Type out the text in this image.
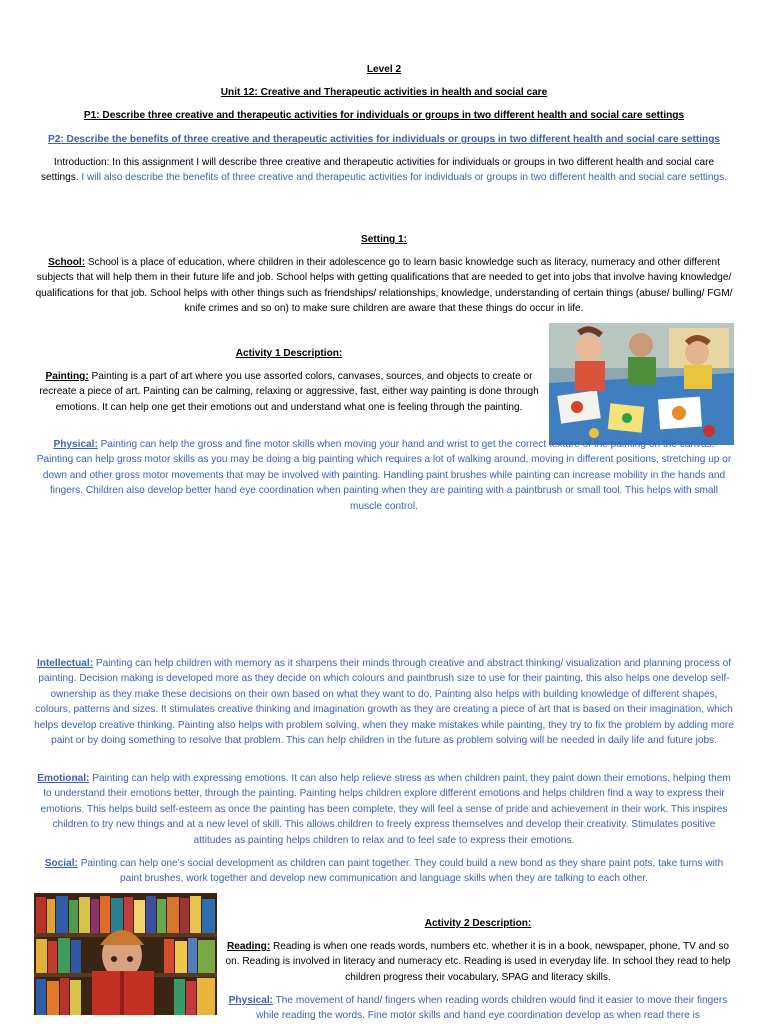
Level 2
Unit 12: Creative and Therapeutic activities in health and social care
P1: Describe three creative and therapeutic activities for individuals or groups in two different health and social care settings
P2: Describe the benefits of three creative and therapeutic activities for individuals or groups in two different health and social care settings
Introduction: In this assignment I will describe three creative and therapeutic activities for individuals or groups in two different health and social care settings. I will also describe the benefits of three creative and therapeutic activities for individuals or groups in two different health and social care settings.
Setting 1:
School: School is a place of education, where children in their adolescence go to learn basic knowledge such as literacy, numeracy and other different subjects that will help them in their future life and job. School helps with getting qualifications that are needed to get into jobs that involve having knowledge/ qualifications for that job. School helps with other things such as friendships/ relationships, knowledge, understanding of certain things (abuse/ bulling/ FGM/ knife crimes and so on) to make sure children are aware that these things do occur in life.
Activity 1 Description:
Painting: Painting is a part of art where you use assorted colors, canvases, sources, and objects to create or recreate a piece of art. Painting can be calming, relaxing or aggressive, fast, either way painting is done through emotions. It can help one get their emotions out and understand what one is feeling through the painting.
Physical: Painting can help the gross and fine motor skills when moving your hand and wrist to get the correct texture of the painting on the canvas. Painting can help gross motor skills as you may be doing a big painting which requires a lot of walking around, moving in different positions, stretching up or down and other gross motor movements that may be involved with painting. Handling paint brushes while painting can increase mobility in the hands and fingers. Children also develop better hand eye coordination when painting when they are painting with a paintbrush or small tool. This helps with small muscle control.
Intellectual: Painting can help children with memory as it sharpens their minds through creative and abstract thinking/ visualization and planning process of painting. Decision making is developed more as they decide on which colours and paintbrush size to use for their painting, this also helps one develop self-ownership as they make these decisions on their own based on what they want to do. Painting also helps with building knowledge of different shapes, colours, patterns and sizes. It stimulates creative thinking and imagination growth as they are creating a piece of art that is based on their imagination, which helps develop creative thinking. Painting also helps with problem solving, when they make mistakes while painting, they try to fix the problem by adding more paint or by doing something to resolve that problem. This can help children in the future as problem solving will be needed in daily life and future jobs.
Emotional: Painting can help with expressing emotions. It can also help relieve stress as when children paint, they paint down their emotions, helping them to understand their emotions better, through the painting. Painting helps children explore different emotions and helps children find a way to express their emotions. This helps build self-esteem as once the painting has been complete, they will feel a sense of pride and achievement in their work. This inspires children to try new things and at a new level of skill. This allows children to freely express themselves and develop their creativity. Stimulates positive attitudes as painting helps children to relax and to feel safe to express their emotions.
Social: Painting can help one's social development as children can paint together. They could build a new bond as they share paint pots, take turns with paint brushes, work together and develop new communication and language skills when they are talking to each other.
Activity 2 Description:
Reading: Reading is when one reads words, numbers etc. whether it is in a book, newspaper, phone, TV and so on. Reading is involved in literacy and numeracy etc. Reading is used in everyday life. In school they read to help children progress their vocabulary, SPAG and literacy skills.
Physical: The movement of hand/ fingers when reading words children would find it easier to move their fingers while reading the words. Fine motor skills and hand eye coordination develop as when read there is
